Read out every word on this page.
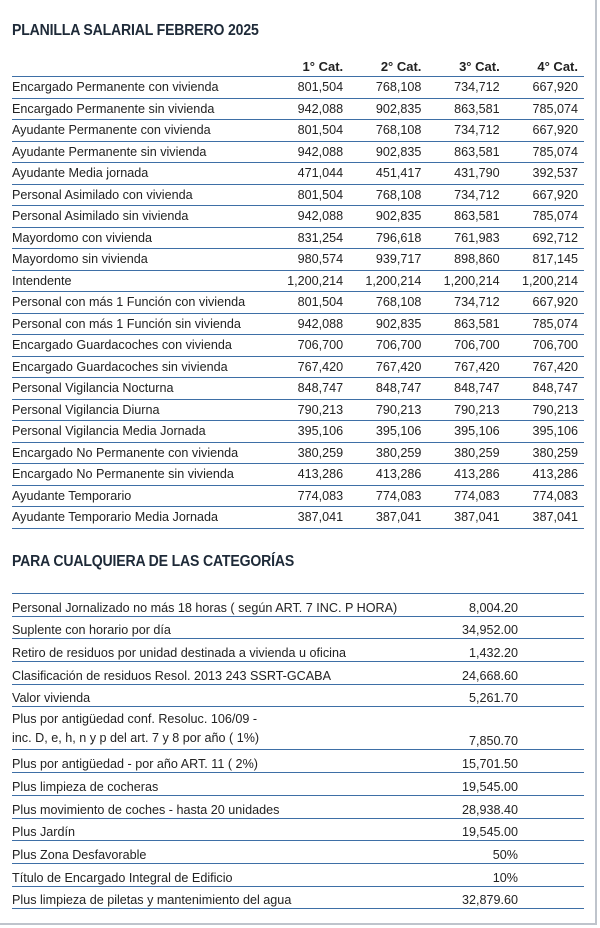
PLANILLA SALARIAL FEBRERO 2025
	1° Cat.	2° Cat.	3° Cat.	4° Cat.
Encargado Permanente con vivienda	801,504	768,108	734,712	667,920
Encargado Permanente sin vivienda	942,088	902,835	863,581	785,074
Ayudante Permanente con vivienda	801,504	768,108	734,712	667,920
Ayudante Permanente sin vivienda	942,088	902,835	863,581	785,074
Ayudante Media jornada	471,044	451,417	431,790	392,537
Personal Asimilado con vivienda	801,504	768,108	734,712	667,920
Personal Asimilado sin vivienda	942,088	902,835	863,581	785,074
Mayordomo con vivienda	831,254	796,618	761,983	692,712
Mayordomo sin vivienda	980,574	939,717	898,860	817,145
Intendente	1,200,214	1,200,214	1,200,214	1,200,214
Personal con más 1 Función con vivienda	801,504	768,108	734,712	667,920
Personal con más 1 Función sin vivienda	942,088	902,835	863,581	785,074
Encargado Guardacoches con vivienda	706,700	706,700	706,700	706,700
Encargado Guardacoches sin vivienda	767,420	767,420	767,420	767,420
Personal Vigilancia Nocturna	848,747	848,747	848,747	848,747
Personal Vigilancia Diurna	790,213	790,213	790,213	790,213
Personal Vigilancia Media Jornada	395,106	395,106	395,106	395,106
Encargado No Permanente con vivienda	380,259	380,259	380,259	380,259
Encargado No Permanente sin vivienda	413,286	413,286	413,286	413,286
Ayudante Temporario	774,083	774,083	774,083	774,083
Ayudante Temporario Media Jornada	387,041	387,041	387,041	387,041
PARA CUALQUIERA DE LAS CATEGORÍAS
Personal Jornalizado no más 18 horas ( según ART. 7 INC. P HORA)	8,004.20	
Suplente con horario por día	34,952.00	
Retiro de residuos por unidad destinada a vivienda u oficina	1,432.20	
Clasificación de residuos Resol. 2013 243 SSRT-GCABA	24,668.60	
Valor vivienda	5,261.70	

Plus por antigüedad conf. Resoluc. 106/09 -
inc. D, e, h, n y p del art. 7 y 8 por año ( 1%)	7,850.70	
Plus por antigüedad - por año ART. 11 ( 2%)	15,701.50	
Plus limpieza de cocheras	19,545.00	
Plus movimiento de coches - hasta 20 unidades	28,938.40	
Plus Jardín	19,545.00	
Plus Zona Desfavorable	50%	
Título de Encargado Integral de Edificio	10%	
Plus limpieza de piletas y mantenimiento del agua	32,879.60	
